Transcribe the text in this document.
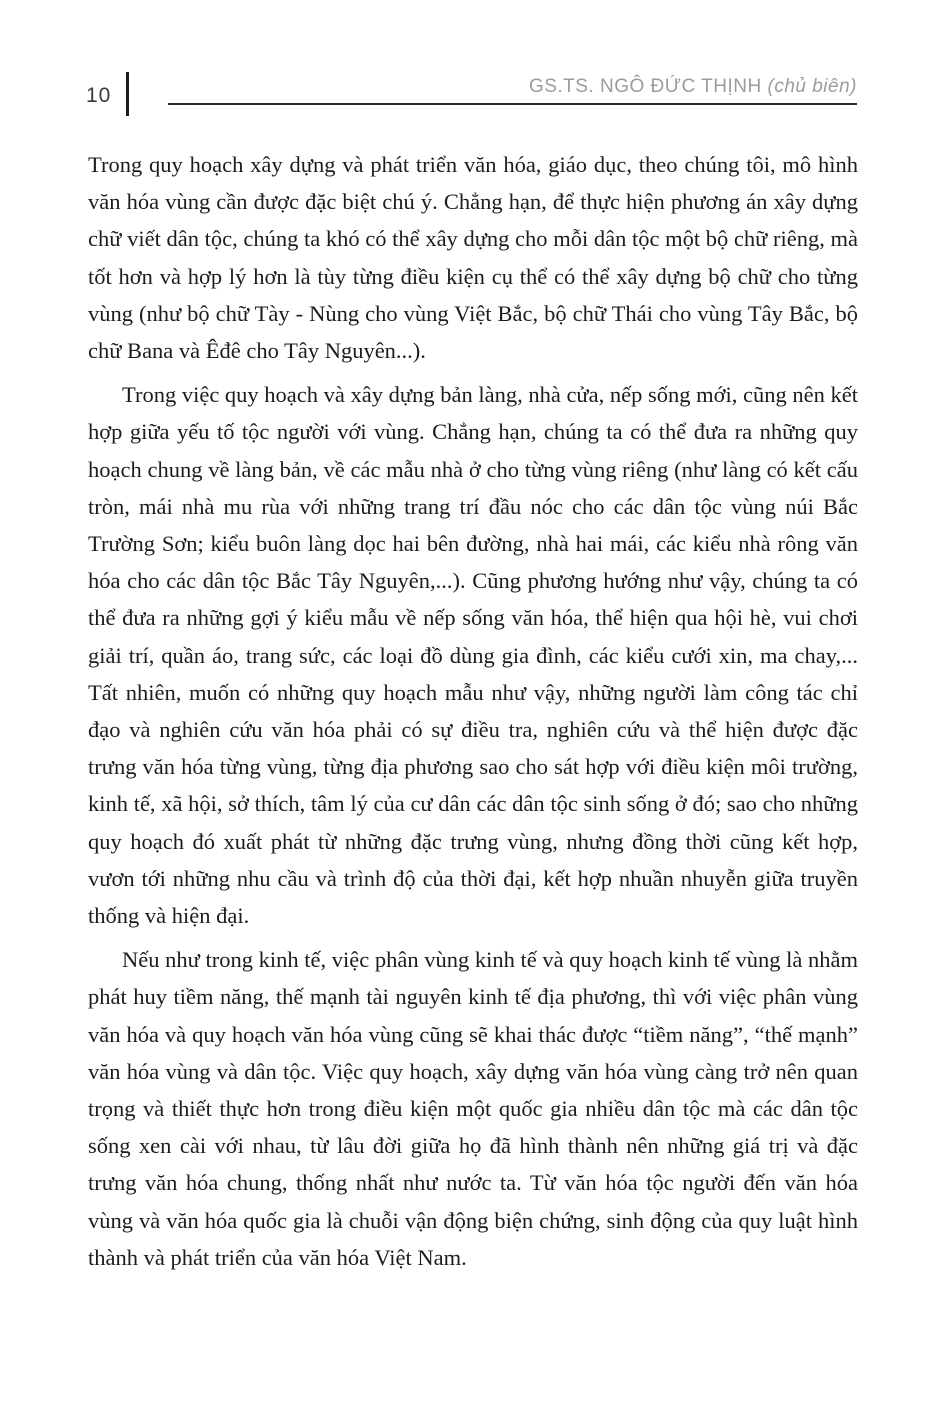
10	GS.TS. NGÔ ĐỨC THỊNH (chủ biên)

Trong quy hoạch xây dựng và phát triển văn hóa, giáo dục, theo chúng tôi, mô hình văn hóa vùng cần được đặc biệt chú ý. Chẳng hạn, để thực hiện phương án xây dựng chữ viết dân tộc, chúng ta khó có thể xây dựng cho mỗi dân tộc một bộ chữ riêng, mà tốt hơn và hợp lý hơn là tùy từng điều kiện cụ thể có thể xây dựng bộ chữ cho từng vùng (như bộ chữ Tày - Nùng cho vùng Việt Bắc, bộ chữ Thái cho vùng Tây Bắc, bộ chữ Bana và Êđê cho Tây Nguyên...).

Trong việc quy hoạch và xây dựng bản làng, nhà cửa, nếp sống mới, cũng nên kết hợp giữa yếu tố tộc người với vùng. Chẳng hạn, chúng ta có thể đưa ra những quy hoạch chung về làng bản, về các mẫu nhà ở cho từng vùng riêng (như làng có kết cấu tròn, mái nhà mu rùa với những trang trí đầu nóc cho các dân tộc vùng núi Bắc Trường Sơn; kiểu buôn làng dọc hai bên đường, nhà hai mái, các kiểu nhà rông văn hóa cho các dân tộc Bắc Tây Nguyên,...). Cũng phương hướng như vậy, chúng ta có thể đưa ra những gợi ý kiểu mẫu về nếp sống văn hóa, thể hiện qua hội hè, vui chơi giải trí, quần áo, trang sức, các loại đồ dùng gia đình, các kiểu cưới xin, ma chay,... Tất nhiên, muốn có những quy hoạch mẫu như vậy, những người làm công tác chỉ đạo và nghiên cứu văn hóa phải có sự điều tra, nghiên cứu và thể hiện được đặc trưng văn hóa từng vùng, từng địa phương sao cho sát hợp với điều kiện môi trường, kinh tế, xã hội, sở thích, tâm lý của cư dân các dân tộc sinh sống ở đó; sao cho những quy hoạch đó xuất phát từ những đặc trưng vùng, nhưng đồng thời cũng kết hợp, vươn tới những nhu cầu và trình độ của thời đại, kết hợp nhuần nhuyễn giữa truyền thống và hiện đại.

Nếu như trong kinh tế, việc phân vùng kinh tế và quy hoạch kinh tế vùng là nhằm phát huy tiềm năng, thế mạnh tài nguyên kinh tế địa phương, thì với việc phân vùng văn hóa và quy hoạch văn hóa vùng cũng sẽ khai thác được “tiềm năng”, “thế mạnh” văn hóa vùng và dân tộc. Việc quy hoạch, xây dựng văn hóa vùng càng trở nên quan trọng và thiết thực hơn trong điều kiện một quốc gia nhiều dân tộc mà các dân tộc sống xen cài với nhau, từ lâu đời giữa họ đã hình thành nên những giá trị và đặc trưng văn hóa chung, thống nhất như nước ta. Từ văn hóa tộc người đến văn hóa vùng và văn hóa quốc gia là chuỗi vận động biện chứng, sinh động của quy luật hình thành và phát triển của văn hóa Việt Nam.
